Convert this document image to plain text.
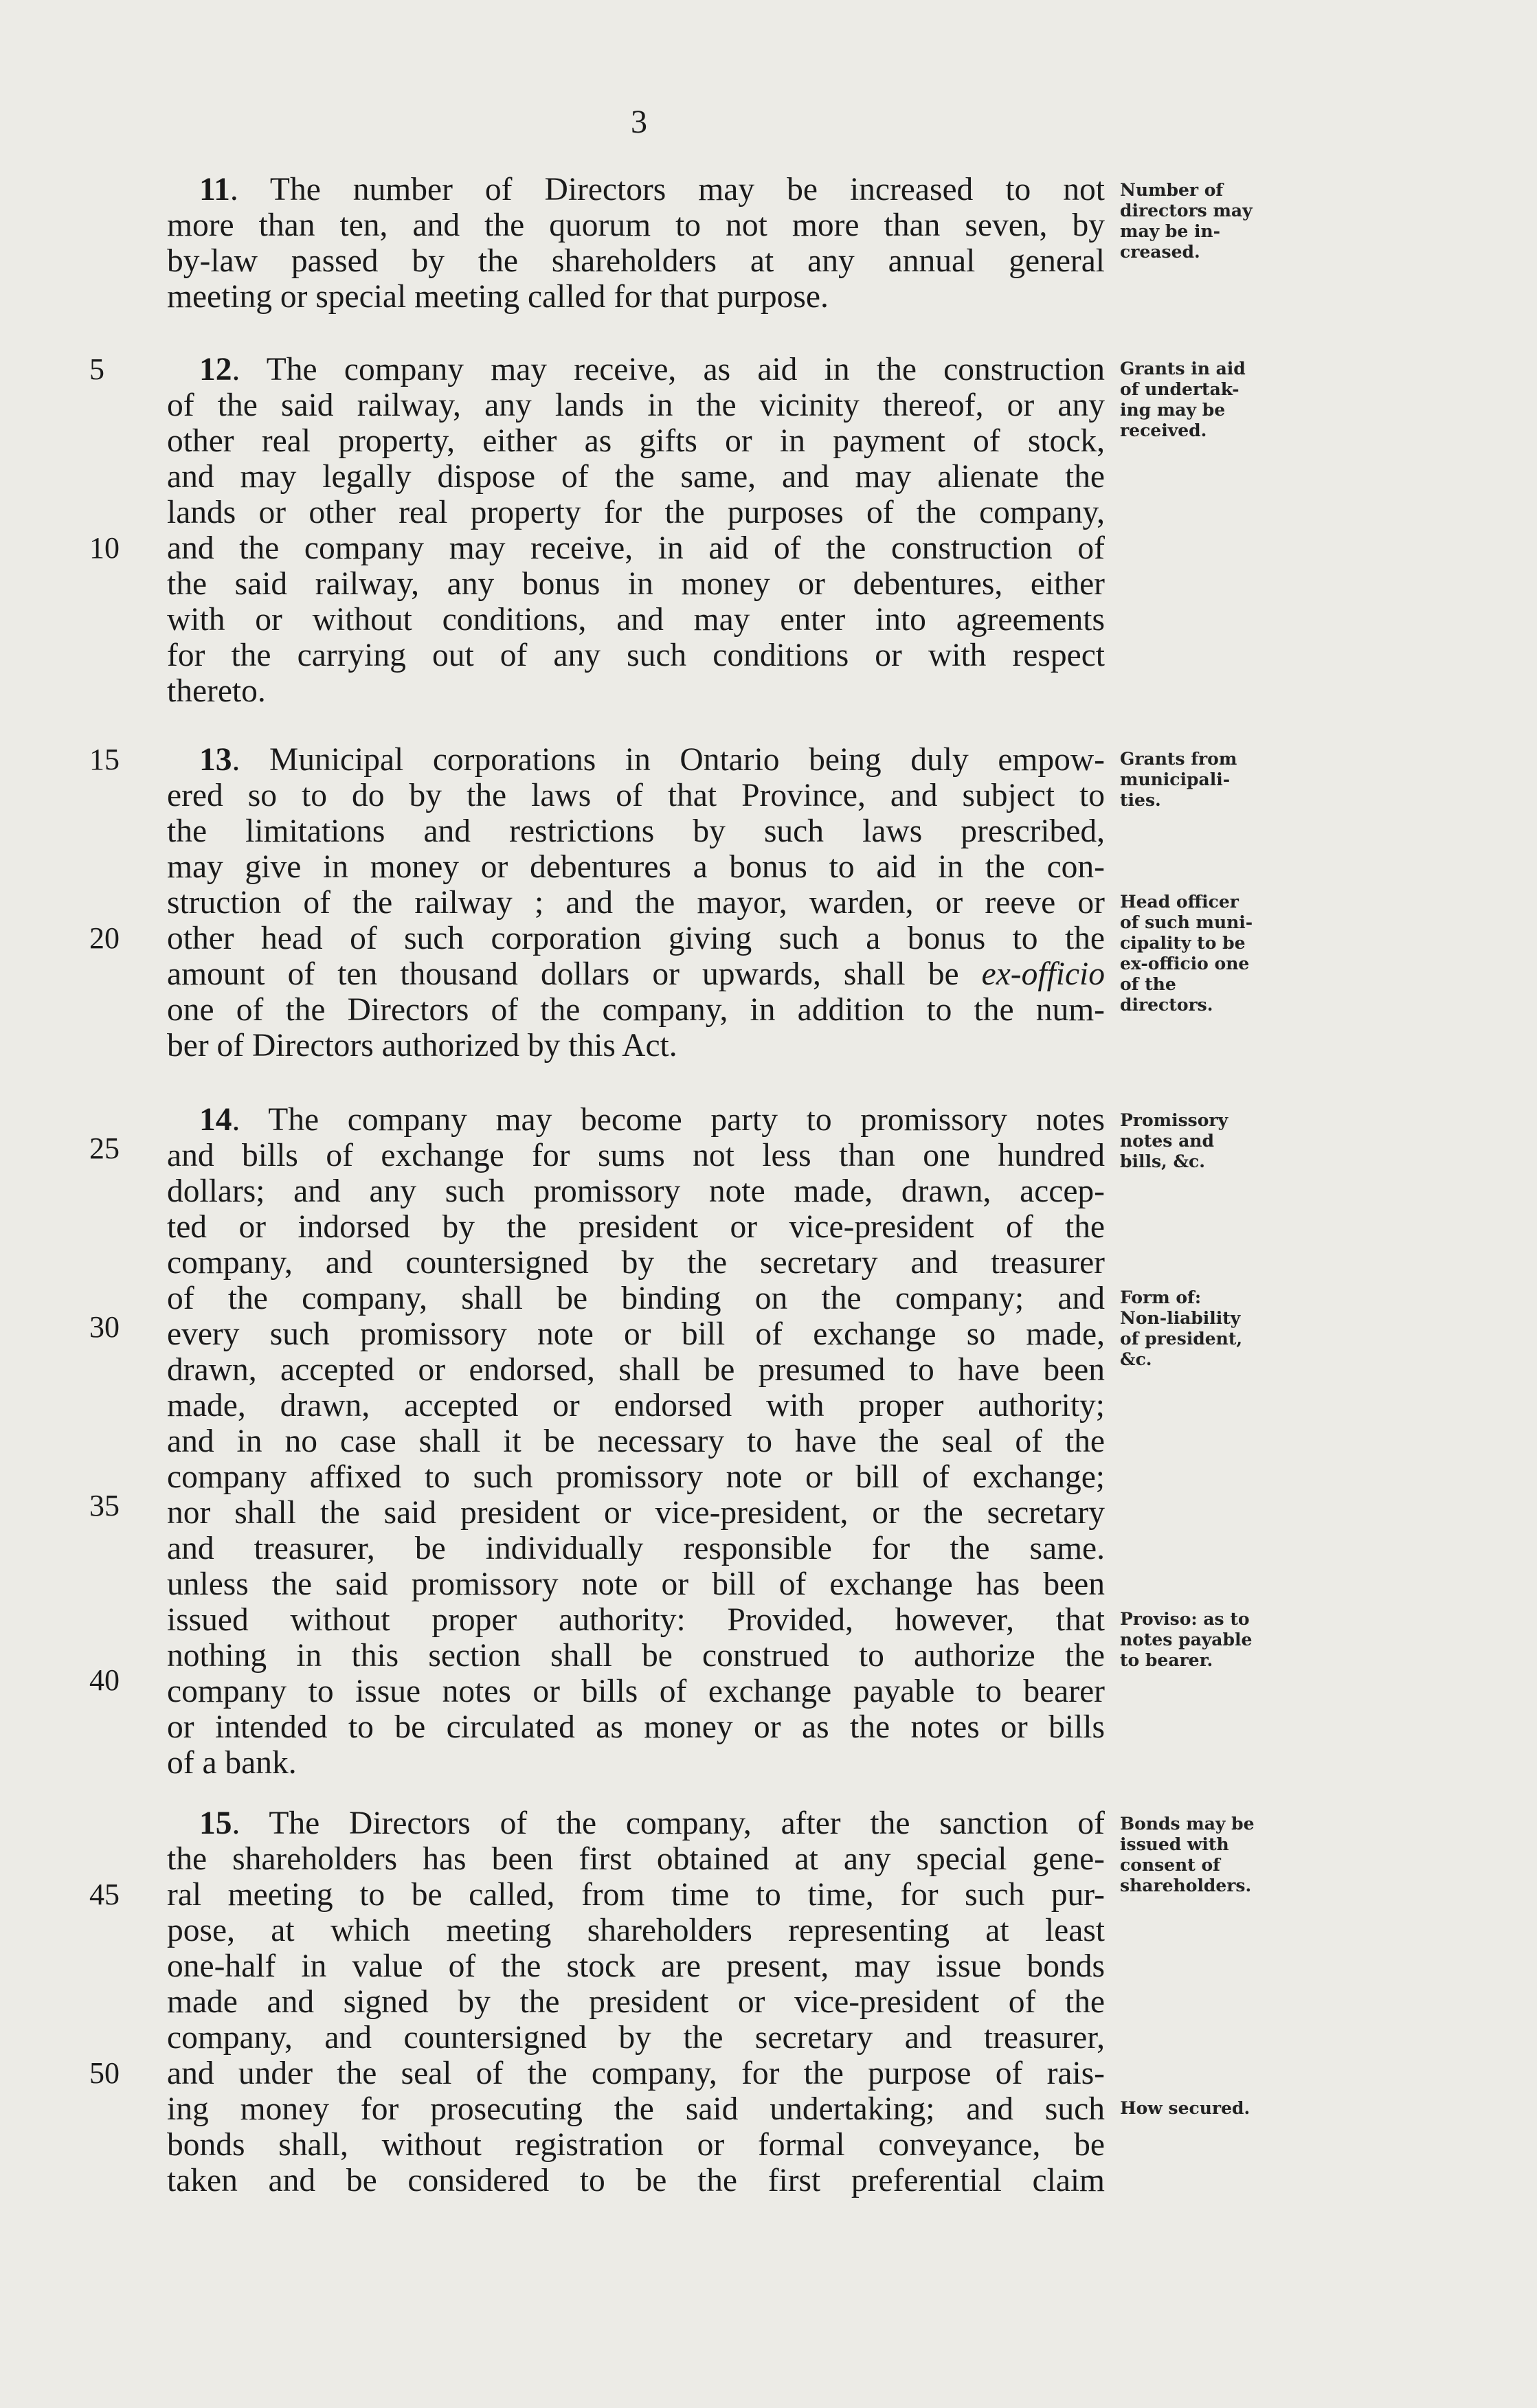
3
11. The number of Directors may be increased to not
more than ten, and the quorum to not more than seven, by
by-law passed by the shareholders at any annual general
meeting or special meeting called for that purpose.
Number of
directors may
may be in-
creased.
5	12. The company may receive, as aid in the construction
of the said railway, any lands in the vicinity thereof, or any
other real property, either as gifts or in payment of stock,
and may legally dispose of the same, and may alienate the
lands or other real property for the purposes of the company,
and the company may receive, in aid of the construction of
the said railway, any bonus in money or debentures, either
with or without conditions, and may enter into agreements
for the carrying out of any such conditions or with respect
thereto.
Grants in aid
of undertak-
ing may be
received.
10
15	13. Municipal corporations in Ontario being duly empow-
ered so to do by the laws of that Province, and subject to
the limitations and restrictions by such laws prescribed,
may give in money or debentures a bonus to aid in the con-
struction of the railway ; and the mayor, warden, or reeve or
other head of such corporation giving such a bonus to the
amount of ten thousand dollars or upwards, shall be ex-officio
one of the Directors of the company, in addition to the num-
ber of Directors authorized by this Act.
Grants from
municipali-
ties.
Head officer
of such muni-
cipality to be
ex-officio one
of the
directors.
20
14. The company may become party to promissory notes
and bills of exchange for sums not less than one hundred
dollars; and any such promissory note made, drawn, accep-
ted or indorsed by the president or vice-president of the
company, and countersigned by the secretary and treasurer
of the company, shall be binding on the company; and
every such promissory note or bill of exchange so made,
drawn, accepted or endorsed, shall be presumed to have been
made, drawn, accepted or endorsed with proper authority;
and in no case shall it be necessary to have the seal of the
company affixed to such promissory note or bill of exchange;
nor shall the said president or vice-president, or the secretary
and treasurer, be individually responsible for the same.
unless the said promissory note or bill of exchange has been
issued without proper authority: Provided, however, that
nothing in this section shall be construed to authorize the
company to issue notes or bills of exchange payable to bearer
or intended to be circulated as money or as the notes or bills
of a bank.
Promissory
notes and
bills, &c.
Form of:
Non-liability
of president,
&c.
Proviso: as to
notes payable
to bearer.
25
30
35
40
15. The Directors of the company, after the sanction of
the shareholders has been first obtained at any special gene-
ral meeting to be called, from time to time, for such pur-
pose, at which meeting shareholders representing at least
one-half in value of the stock are present, may issue bonds
made and signed by the president or vice-president of the
company, and countersigned by the secretary and treasurer,
and under the seal of the company, for the purpose of rais-
ing money for prosecuting the said undertaking; and such
bonds shall, without registration or formal conveyance, be
taken and be considered to be the first preferential claim
Bonds may be
issued with
consent of
shareholders.
How secured.
45
50
